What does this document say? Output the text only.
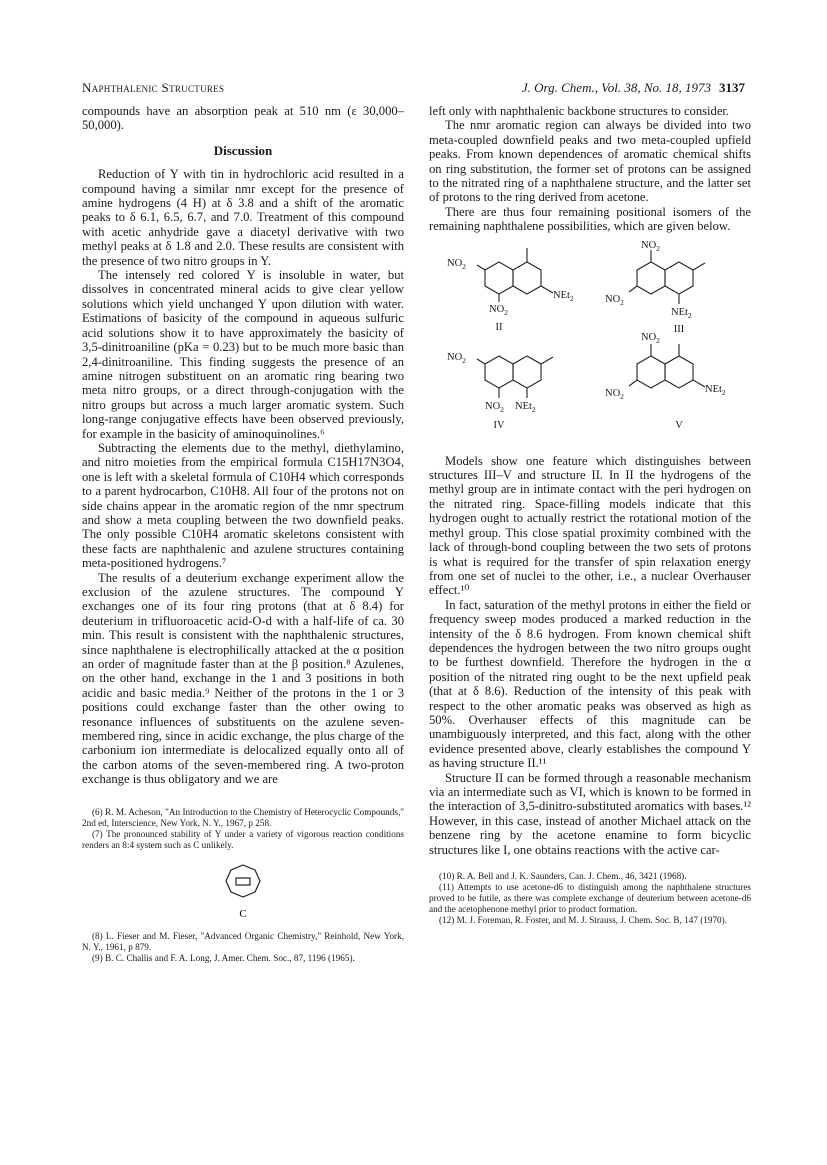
Naphthalenic Structures	J. Org. Chem., Vol. 38, No. 18, 1973 3137

compounds have an absorption peak at 510 nm (ε 30,000–50,000).

Discussion

Reduction of Y with tin in hydrochloric acid resulted in a compound having a similar nmr except for the presence of amine hydrogens (4 H) at δ 3.8 and a shift of the aromatic peaks to δ 6.1, 6.5, 6.7, and 7.0. Treatment of this compound with acetic anhydride gave a diacetyl derivative with two methyl peaks at δ 1.8 and 2.0. These results are consistent with the presence of two nitro groups in Y.

The intensely red colored Y is insoluble in water, but dissolves in concentrated mineral acids to give clear yellow solutions which yield unchanged Y upon dilution with water. Estimations of basicity of the compound in aqueous sulfuric acid solutions show it to have approximately the basicity of 3,5-dinitroaniline (pKa = 0.23) but to be much more basic than 2,4-dinitroaniline. This finding suggests the presence of an amine nitrogen substituent on an aromatic ring bearing two meta nitro groups, or a direct through-conjugation with the nitro groups but across a much larger aromatic system. Such long-range conjugative effects have been observed previously, for example in the basicity of aminoquinolines.⁶

Subtracting the elements due to the methyl, diethylamino, and nitro moieties from the empirical formula C15H17N3O4, one is left with a skeletal formula of C10H4 which corresponds to a parent hydrocarbon, C10H8. All four of the protons not on side chains appear in the aromatic region of the nmr spectrum and show a meta coupling between the two downfield peaks. The only possible C10H4 aromatic skeletons consistent with these facts are naphthalenic and azulene structures containing meta-positioned hydrogens.⁷

The results of a deuterium exchange experiment allow the exclusion of the azulene structures. The compound Y exchanges one of its four ring protons (that at δ 8.4) for deuterium in trifluoroacetic acid-O-d with a half-life of ca. 30 min. This result is consistent with the naphthalenic structures, since naphthalene is electrophilically attacked at the α position an order of magnitude faster than at the β position.⁸ Azulenes, on the other hand, exchange in the 1 and 3 positions in both acidic and basic media.⁹ Neither of the protons in the 1 or 3 positions could exchange faster than the other owing to resonance influences of substituents on the azulene seven-membered ring, since in acidic exchange, the plus charge of the carbonium ion intermediate is delocalized equally onto all of the carbon atoms of the seven-membered ring. A two-proton exchange is thus obligatory and we are

(6) R. M. Acheson, "An Introduction to the Chemistry of Heterocyclic Compounds," 2nd ed, Interscience, New York, N. Y., 1967, p 258.

(7) The pronounced stability of Y under a variety of vigorous reaction conditions renders an 8:4 system such as C unlikely.

C

(8) L. Fieser and M. Fieser, "Advanced Organic Chemistry," Reinhold, New York, N. Y., 1961, p 879.

(9) B. C. Challis and F. A. Long, J. Amer. Chem. Soc., 87, 1196 (1965).

left only with naphthalenic backbone structures to consider.

The nmr aromatic region can always be divided into two meta-coupled downfield peaks and two meta-coupled upfield peaks. From known dependences of aromatic chemical shifts on ring substitution, the former set of protons can be assigned to the nitrated ring of a naphthalene structure, and the latter set of protons to the ring derived from acetone.

There are thus four remaining positional isomers of the remaining naphthalene possibilities, which are given below.

$NO_2$
NEt$_2$
$NO_2$
II
$NO_2$
$NO_2$
NEt$_2$
III
$NO_2$
$NO_2$ NEt$_2$
IV
$NO_2$
$NO_2$
NEt$_2$
V

Models show one feature which distinguishes between structures III–V and structure II. In II the hydrogens of the methyl group are in intimate contact with the peri hydrogen on the nitrated ring. Space-filling models indicate that this hydrogen ought to actually restrict the rotational motion of the methyl group. This close spatial proximity combined with the lack of through-bond coupling between the two sets of protons is what is required for the transfer of spin relaxation energy from one set of nuclei to the other, i.e., a nuclear Overhauser effect.¹⁰

In fact, saturation of the methyl protons in either the field or frequency sweep modes produced a marked reduction in the intensity of the δ 8.6 hydrogen. From known chemical shift dependences the hydrogen between the two nitro groups ought to be furthest downfield. Therefore the hydrogen in the α position of the nitrated ring ought to be the next upfield peak (that at δ 8.6). Reduction of the intensity of this peak with respect to the other aromatic peaks was observed as high as 50%. Overhauser effects of this magnitude can be unambiguously interpreted, and this fact, along with the other evidence presented above, clearly establishes the compound Y as having structure II.¹¹

Structure II can be formed through a reasonable mechanism via an intermediate such as VI, which is known to be formed in the interaction of 3,5-dinitro-substituted aromatics with bases.¹² However, in this case, instead of another Michael attack on the benzene ring by the acetone enamine to form bicyclic structures like I, one obtains reactions with the active car-

(10) R. A. Bell and J. K. Saunders, Can. J. Chem., 46, 3421 (1968).

(11) Attempts to use acetone-d6 to distinguish among the naphthalene structures proved to be futile, as there was complete exchange of deuterium between acetone-d6 and the acetophenone methyl prior to product formation.

(12) M. J. Foreman, R. Foster, and M. J. Strauss, J. Chem. Soc. B, 147 (1970).
